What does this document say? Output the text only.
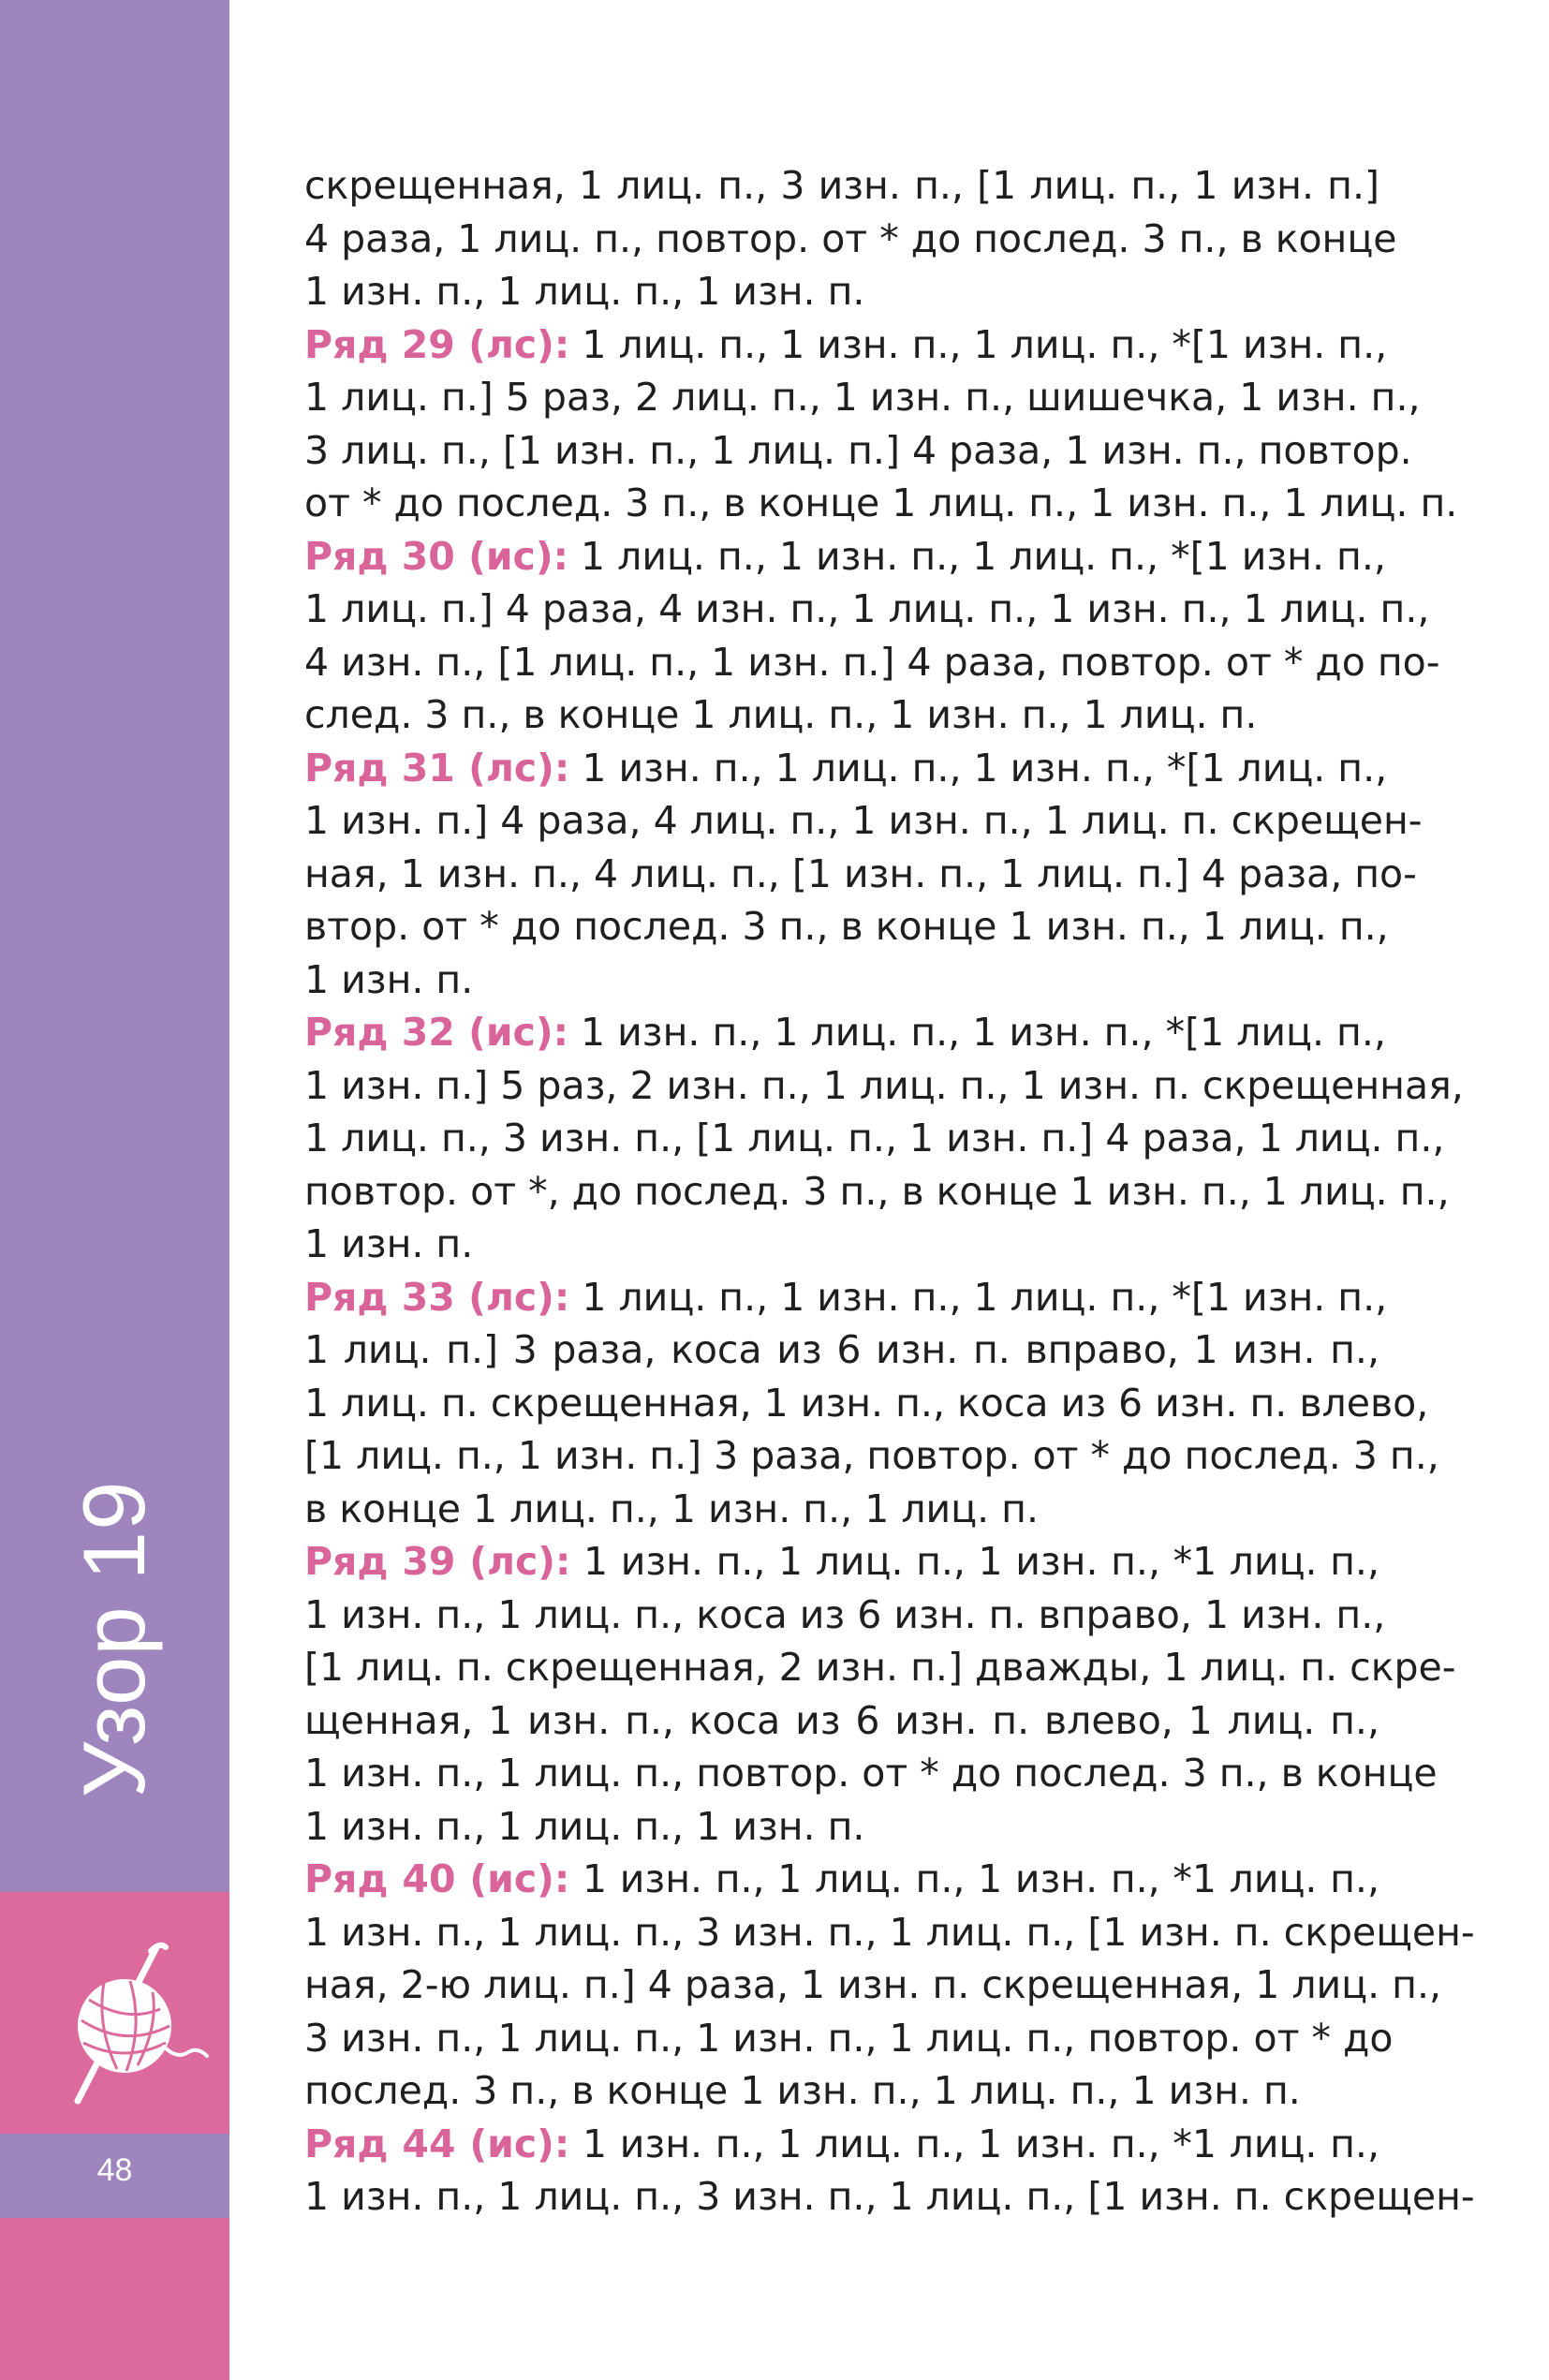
Узор 19
48
скрещенная, 1 лиц. п., 3 изн. п., [1 лиц. п., 1 изн. п.]
4 раза, 1 лиц. п., повтор. от * до послед. 3 п., в конце
1 изн. п., 1 лиц. п., 1 изн. п.
Ряд 29 (лс): 1 лиц. п., 1 изн. п., 1 лиц. п., *[1 изн. п.,
1 лиц. п.] 5 раз, 2 лиц. п., 1 изн. п., шишечка, 1 изн. п.,
3 лиц. п., [1 изн. п., 1 лиц. п.] 4 раза, 1 изн. п., повтор.
от * до послед. 3 п., в конце 1 лиц. п., 1 изн. п., 1 лиц. п.
Ряд 30 (ис): 1 лиц. п., 1 изн. п., 1 лиц. п., *[1 изн. п.,
1 лиц. п.] 4 раза, 4 изн. п., 1 лиц. п., 1 изн. п., 1 лиц. п.,
4 изн. п., [1 лиц. п., 1 изн. п.] 4 раза, повтор. от * до по-
след. 3 п., в конце 1 лиц. п., 1 изн. п., 1 лиц. п.
Ряд 31 (лс): 1 изн. п., 1 лиц. п., 1 изн. п., *[1 лиц. п.,
1 изн. п.] 4 раза, 4 лиц. п., 1 изн. п., 1 лиц. п. скрещен-
ная, 1 изн. п., 4 лиц. п., [1 изн. п., 1 лиц. п.] 4 раза, по-
втор. от * до послед. 3 п., в конце 1 изн. п., 1 лиц. п.,
1 изн. п.
Ряд 32 (ис): 1 изн. п., 1 лиц. п., 1 изн. п., *[1 лиц. п.,
1 изн. п.] 5 раз, 2 изн. п., 1 лиц. п., 1 изн. п. скрещенная,
1 лиц. п., 3 изн. п., [1 лиц. п., 1 изн. п.] 4 раза, 1 лиц. п.,
повтор. от *, до послед. 3 п., в конце 1 изн. п., 1 лиц. п.,
1 изн. п.
Ряд 33 (лс): 1 лиц. п., 1 изн. п., 1 лиц. п., *[1 изн. п.,
1 лиц. п.] 3 раза, коса из 6 изн. п. вправо, 1 изн. п.,
1 лиц. п. скрещенная, 1 изн. п., коса из 6 изн. п. влево,
[1 лиц. п., 1 изн. п.] 3 раза, повтор. от * до послед. 3 п.,
в конце 1 лиц. п., 1 изн. п., 1 лиц. п.
Ряд 39 (лс): 1 изн. п., 1 лиц. п., 1 изн. п., *1 лиц. п.,
1 изн. п., 1 лиц. п., коса из 6 изн. п. вправо, 1 изн. п.,
[1 лиц. п. скрещенная, 2 изн. п.] дважды, 1 лиц. п. скре-
щенная, 1 изн. п., коса из 6 изн. п. влево, 1 лиц. п.,
1 изн. п., 1 лиц. п., повтор. от * до послед. 3 п., в конце
1 изн. п., 1 лиц. п., 1 изн. п.
Ряд 40 (ис): 1 изн. п., 1 лиц. п., 1 изн. п., *1 лиц. п.,
1 изн. п., 1 лиц. п., 3 изн. п., 1 лиц. п., [1 изн. п. скрещен-
ная, 2-ю лиц. п.] 4 раза, 1 изн. п. скрещенная, 1 лиц. п.,
3 изн. п., 1 лиц. п., 1 изн. п., 1 лиц. п., повтор. от * до
послед. 3 п., в конце 1 изн. п., 1 лиц. п., 1 изн. п.
Ряд 44 (ис): 1 изн. п., 1 лиц. п., 1 изн. п., *1 лиц. п.,
1 изн. п., 1 лиц. п., 3 изн. п., 1 лиц. п., [1 изн. п. скрещен-
